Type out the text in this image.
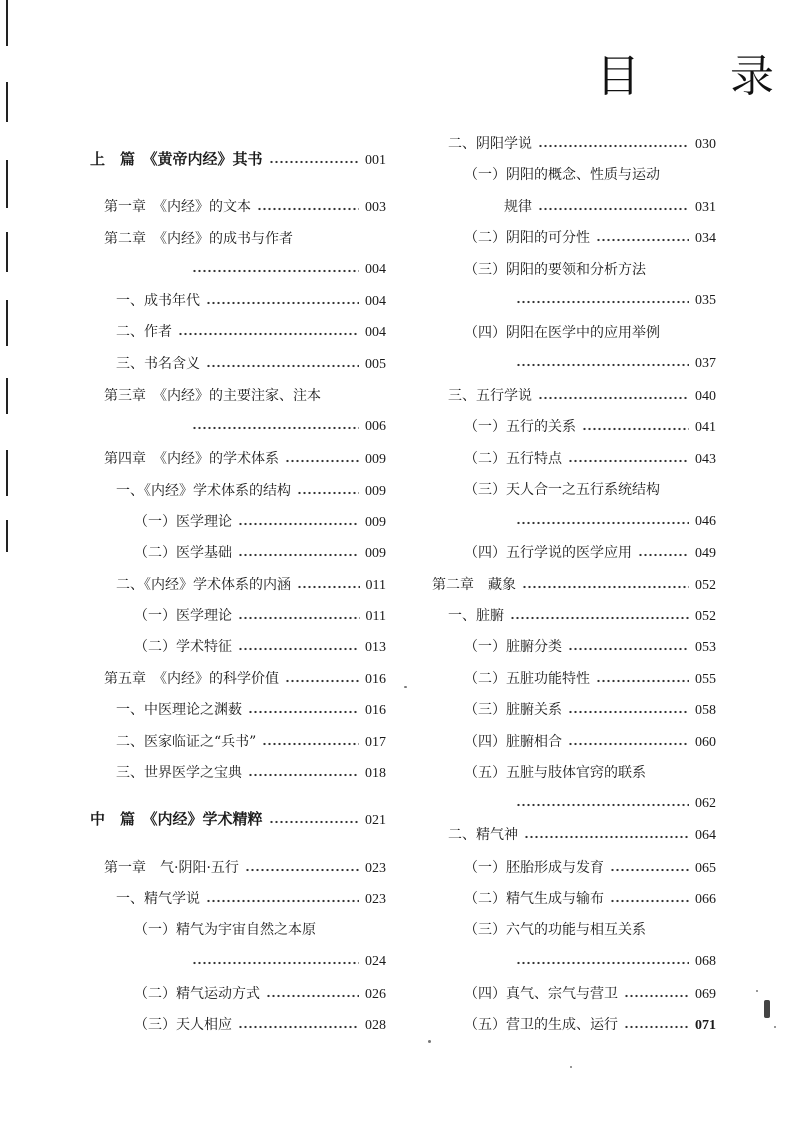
目 录
上　篇　《黄帝内经》其书	001
第一章　《内经》的文本	003
第二章　《内经》的成书与作者
004
一、成书年代	004
二、作者	004
三、书名含义	005
第三章　《内经》的主要注家、注本
006
第四章　《内经》的学术体系	009
一、《内经》学术体系的结构	009
（一）医学理论	009
（二）医学基础	009
二、《内经》学术体系的内涵	011
（一）医学理论	011
（二）学术特征	013
第五章　《内经》的科学价值	016
一、中医理论之渊薮	016
二、医家临证之“兵书”	017
三、世界医学之宝典	018
中　篇　《内经》学术精粹	021
第一章　气·阴阳·五行	023
一、精气学说	023
（一）精气为宇宙自然之本原
024
（二）精气运动方式	026
（三）天人相应	028
二、阴阳学说	030
（一）阴阳的概念、性质与运动
规律	031
（二）阴阳的可分性	034
（三）阴阳的要领和分析方法
035
（四）阴阳在医学中的应用举例
037
三、五行学说	040
（一）五行的关系	041
（二）五行特点	043
（三）天人合一之五行系统结构
046
（四）五行学说的医学应用	049
第二章　藏象	052
一、脏腑	052
（一）脏腑分类	053
（二）五脏功能特性	055
（三）脏腑关系	058
（四）脏腑相合	060
（五）五脏与肢体官窍的联系
062
二、精气神	064
（一）胚胎形成与发育	065
（二）精气生成与输布	066
（三）六气的功能与相互关系
068
（四）真气、宗气与营卫	069
（五）营卫的生成、运行	071
